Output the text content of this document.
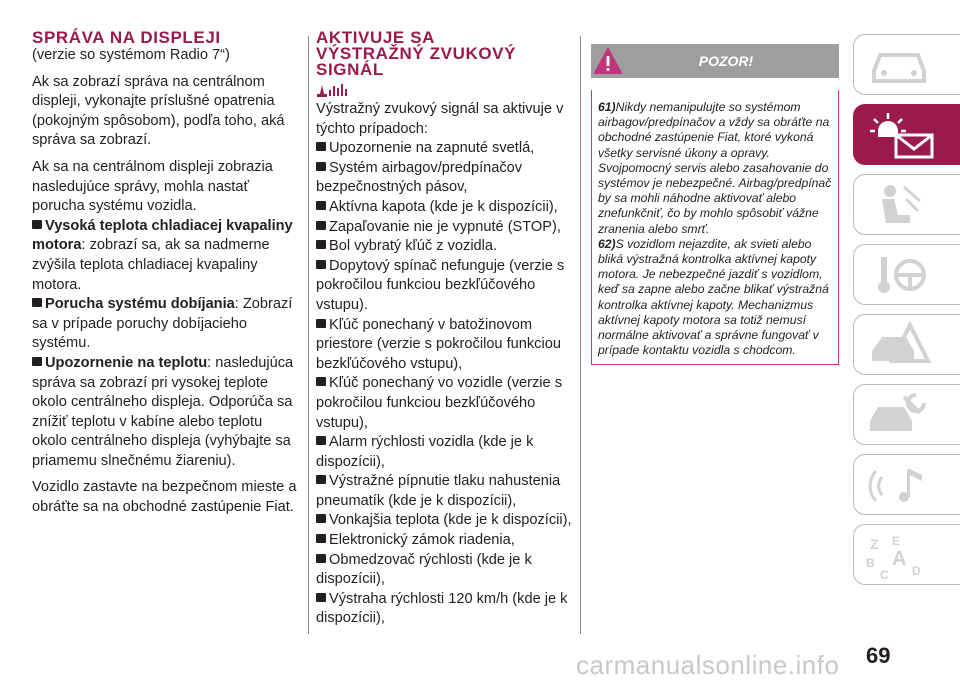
SPRÁVA NA DISPLEJI

(verzie so systémom Radio 7“)

Ak sa zobrazí správa na centrálnom displeji, vykonajte príslušné opatrenia (pokojným spôsobom), podľa toho, aká správa sa zobrazí.

Ak sa na centrálnom displeji zobrazia nasledujúce správy, mohla nastať porucha systému vozidla.

Vysoká teplota chladiacej kvapaliny motora: zobrazí sa, ak sa nadmerne zvýšila teplota chladiacej kvapaliny motora.

Porucha systému dobíjania: Zobrazí sa v prípade poruchy dobíjacieho systému.

Upozornenie na teplotu: nasledujúca správa sa zobrazí pri vysokej teplote okolo centrálneho displeja. Odporúča sa znížiť teplotu v kabíne alebo teplotu okolo centrálneho displeja (vyhýbajte sa priamemu slnečnému žiareniu).

Vozidlo zastavte na bezpečnom mieste a obráťte sa na obchodné zastúpenie Fiat.

AKTIVUJE SA
VÝSTRAŽNÝ ZVUKOVÝ
SIGNÁL

Výstražný zvukový signál sa aktivuje v týchto prípadoch:

Upozornenie na zapnuté svetlá,

Systém airbagov/predpínačov bezpečnostných pásov,

Aktívna kapota (kde je k dispozícii),

Zapaľovanie nie je vypnuté (STOP),

Bol vybratý kľúč z vozidla.

Dopytový spínač nefunguje (verzie s pokročilou funkciou bezkľúčového vstupu).

Kľúč ponechaný v batožinovom priestore (verzie s pokročilou funkciou bezkľúčového vstupu),

Kľúč ponechaný vo vozidle (verzie s pokročilou funkciou bezkľúčového vstupu),

Alarm rýchlosti vozidla (kde je k dispozícii),

Výstražné pípnutie tlaku nahustenia pneumatík (kde je k dispozícii),

Vonkajšia teplota (kde je k dispozícii),

Elektronický zámok riadenia,

Obmedzovač rýchlosti (kde je k dispozícii),

Výstraha rýchlosti 120 km/h (kde je k dispozícii),

POZOR!
61)Nikdy nemanipulujte so systémom airbagov/predpínačov a vždy sa obráťte na obchodné zastúpenie Fiat, ktoré vykoná všetky servisné úkony a opravy. Svojpomocný servis alebo zasahovanie do systémov je nebezpečné. Airbag/predpínač by sa mohli náhodne aktivovať alebo znefunkčniť, čo by mohlo spôsobiť vážne zranenia alebo smrť.
62)S vozidlom nejazdite, ak svieti alebo bliká výstražná kontrolka aktívnej kapoty motora. Je nebezpečné jazdiť s vozidlom, keď sa zapne alebo začne blikať výstražná kontrolka aktívnej kapoty. Mechanizmus aktívnej kapoty motora sa totiž nemusí normálne aktivovať a správne fungovať v prípade kontaktu vozidla s chodcom.
Z E
B A
C D
69
carmanualsonline.info
